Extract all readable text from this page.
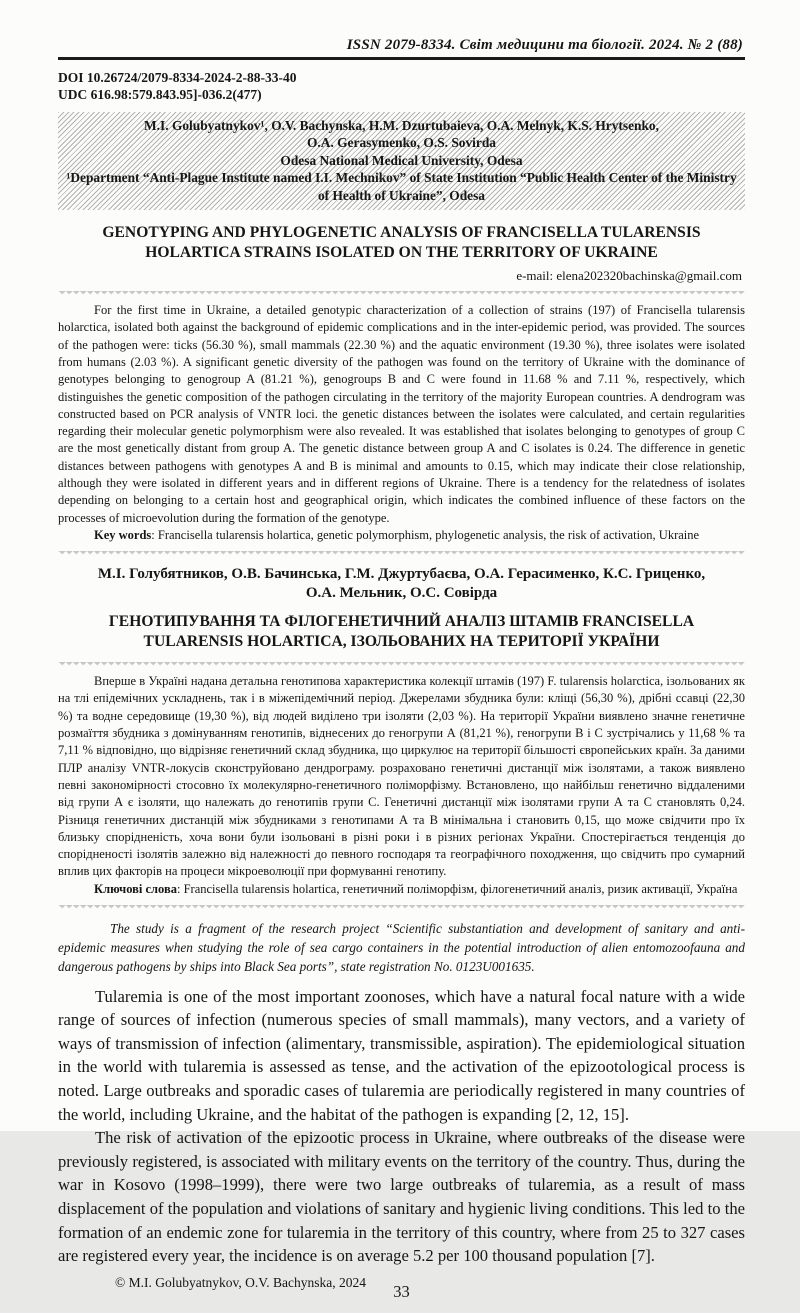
ISSN 2079-8334. Світ медицини та біології. 2024. № 2 (88)
DOI 10.26724/2079-8334-2024-2-88-33-40
UDC 616.98:579.843.95]-036.2(477)
M.I. Golubyatnykov¹, O.V. Bachynska, H.M. Dzurtubaieva, O.A. Melnyk, K.S. Hrytsenko,
O.A. Gerasymenko, O.S. Sovirda
Odesa National Medical University, Odesa
¹Department “Anti-Plague Institute named I.I. Mechnikov” of State Institution “Public Health Center of the Ministry of Health of Ukraine”, Odesa
GENOTYPING AND PHYLOGENETIC ANALYSIS OF FRANCISELLA TULARENSIS HOLARTICA STRAINS ISOLATED ON THE TERRITORY OF UKRAINE
e-mail: elena202320bachinska@gmail.com

For the first time in Ukraine, a detailed genotypic characterization of a collection of strains (197) of Francisella tularensis holarctica, isolated both against the background of epidemic complications and in the inter-epidemic period, was provided. The sources of the pathogen were: ticks (56.30 %), small mammals (22.30 %) and the aquatic environment (19.30 %), three isolates were isolated from humans (2.03 %). A significant genetic diversity of the pathogen was found on the territory of Ukraine with the dominance of genotypes belonging to genogroup A (81.21 %), genogroups B and C were found in 11.68 % and 7.11 %, respectively, which distinguishes the genetic composition of the pathogen circulating in the territory of the majority European countries. A dendrogram was constructed based on PCR analysis of VNTR loci. the genetic distances between the isolates were calculated, and certain regularities regarding their molecular genetic polymorphism were also revealed. It was established that isolates belonging to genotypes of group C are the most genetically distant from group A. The genetic distance between group A and C isolates is 0.24. The difference in genetic distances between pathogens with genotypes A and B is minimal and amounts to 0.15, which may indicate their close relationship, although they were isolated in different years and in different regions of Ukraine. There is a tendency for the relatedness of isolates depending on belonging to a certain host and geographical origin, which indicates the combined influence of these factors on the processes of microevolution during the formation of the genotype.

Key words: Francisella tularensis holartica, genetic polymorphism, phylogenetic analysis, the risk of activation, Ukraine
М.І. Голубятников, О.В. Бачинська, Г.М. Джуртубаєва, О.А. Герасименко, К.С. Гриценко,
О.А. Мельник, О.С. Совірда
ГЕНОТИПУВАННЯ ТА ФІЛОГЕНЕТИЧНИЙ АНАЛІЗ ШТАМІВ FRANCISELLA TULARENSIS HOLARTICA, ІЗОЛЬОВАНИХ НА ТЕРИТОРІЇ УКРАЇНИ

Вперше в Україні надана детальна генотипова характеристика колекції штамів (197) F. tularensis holarctica, ізольованих як на тлі епідемічних ускладнень, так і в міжепідемічний період. Джерелами збудника були: кліщі (56,30 %), дрібні ссавці (22,30 %) та водне середовище (19,30 %), від людей виділено три ізоляти (2,03 %). На території України виявлено значне генетичне розмаїття збудника з домінуванням генотипів, віднесених до геногрупи А (81,21 %), геногрупи В і С зустрічались у 11,68 % та 7,11 % відповідно, що відрізняє генетичний склад збудника, що циркулює на території більшості європейських країн. За даними ПЛР аналізу VNTR-локусів сконструйовано дендрограму. розраховано генетичні дистанції між ізолятами, а також виявлено певні закономірності стосовно їх молекулярно-генетичного поліморфізму. Встановлено, що найбільш генетично віддаленими від групи А є ізоляти, що належать до генотипів групи С. Генетичні дистанції між ізолятами групи А та С становлять 0,24. Різниця генетичних дистанцій між збудниками з генотипами А та В мінімальна і становить 0,15, що може свідчити про їх близьку спорідненість, хоча вони були ізольовані в різні роки і в різних регіонах України. Спостерігається тенденція до спорідненості ізолятів залежно від належності до певного господаря та географічного походження, що свідчить про сумарний вплив цих факторів на процеси мікроеволюції при формуванні генотипу.

Ключові слова: Francisella tularensis holartica, генетичний поліморфізм, філогенетичний аналіз, ризик активації, Україна

The study is a fragment of the research project “Scientific substantiation and development of sanitary and anti-epidemic measures when studying the role of sea cargo containers in the potential introduction of alien entomozoofauna and dangerous pathogens by ships into Black Sea ports”, state registration No. 0123U001635.

Tularemia is one of the most important zoonoses, which have a natural focal nature with a wide range of sources of infection (numerous species of small mammals), many vectors, and a variety of ways of transmission of infection (alimentary, transmissible, aspiration). The epidemiological situation in the world with tularemia is assessed as tense, and the activation of the epizootological process is noted. Large outbreaks and sporadic cases of tularemia are periodically registered in many countries of the world, including Ukraine, and the habitat of the pathogen is expanding [2, 12, 15].

The risk of activation of the epizootic process in Ukraine, where outbreaks of the disease were previously registered, is associated with military events on the territory of the country. Thus, during the war in Kosovo (1998–1999), there were two large outbreaks of tularemia, as a result of mass displacement of the population and violations of sanitary and hygienic living conditions. This led to the formation of an endemic zone for tularemia in the territory of this country, where from 25 to 327 cases are registered every year, the incidence is on average 5.2 per 100 thousand population [7].

© M.I. Golubyatnykov, O.V. Bachynska, 2024	33
